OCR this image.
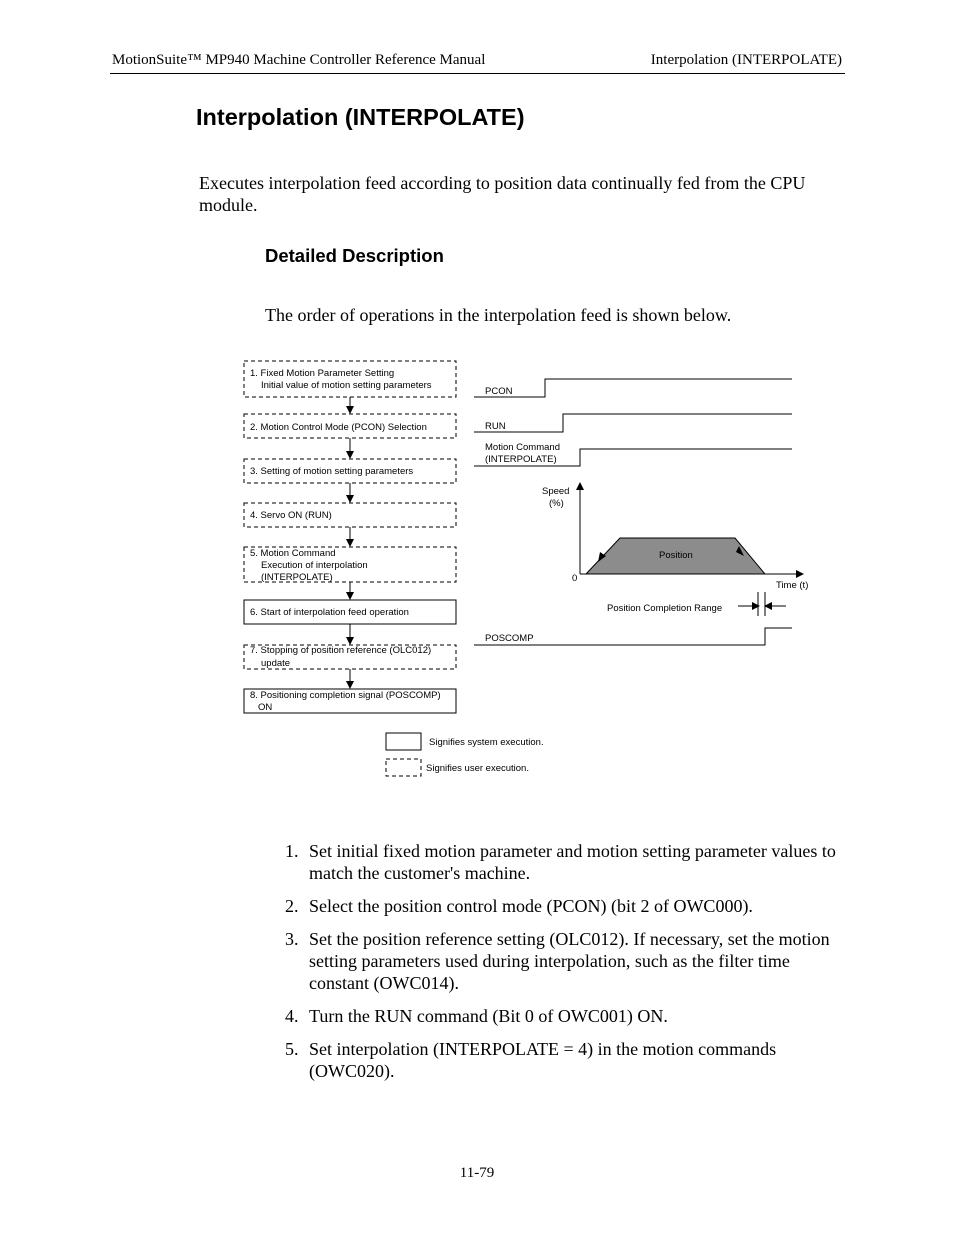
MotionSuite™ MP940 Machine Controller Reference Manual	Interpolation (INTERPOLATE)
Interpolation (INTERPOLATE)

Executes interpolation feed according to position data continually fed from the CPU module.

Detailed Description

The order of operations in the interpolation feed is shown below.

1. Fixed Motion Parameter Setting
Initial value of motion setting parameters
2. Motion Control Mode (PCON) Selection
3. Setting of motion setting parameters
4. Servo ON (RUN)
5. Motion Command
Execution of interpolation
(INTERPOLATE)
6. Start of interpolation feed operation
7. Stopping of position reference (OLC012)
update
8. Positioning completion signal (POSCOMP)
ON
PCON
RUN
Motion Command
(INTERPOLATE)
Speed
(%)
0
Position
Time (t)
Position Completion Range
POSCOMP
Signifies system execution.
Signifies user execution.
1. Set initial fixed motion parameter and motion setting parameter values to match the customer's machine.
2. Select the position control mode (PCON) (bit 2 of OWC000).
3. Set the position reference setting (OLC012). If necessary, set the motion setting parameters used during interpolation, such as the filter time constant (OWC014).
4. Turn the RUN command (Bit 0 of OWC001) ON.
5. Set interpolation (INTERPOLATE = 4) in the motion commands (OWC020).
11-79
